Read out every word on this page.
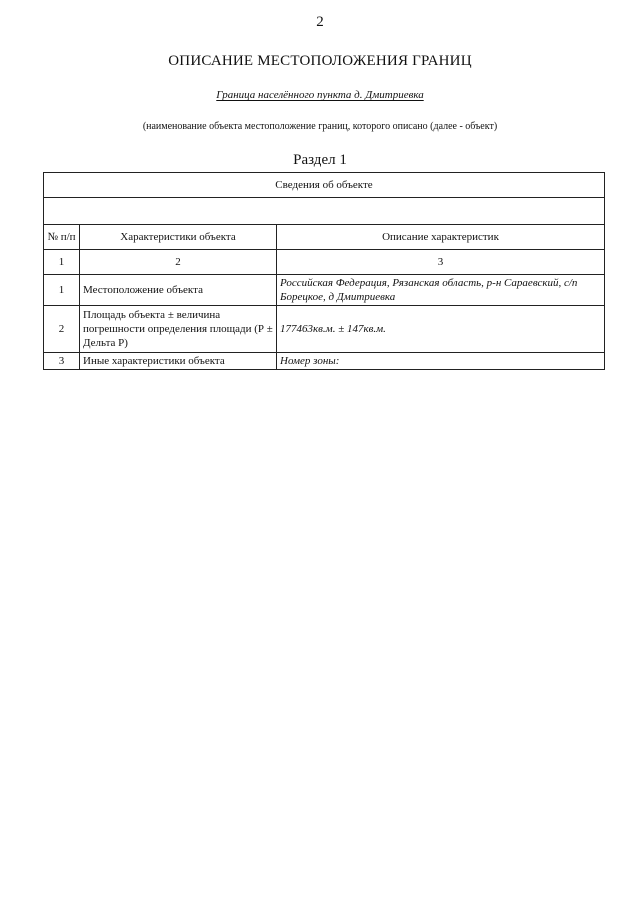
2
ОПИСАНИЕ МЕСТОПОЛОЖЕНИЯ ГРАНИЦ
Граница населённого пункта д. Дмитриевка
(наименование объекта местоположение границ, которого описано (далее - объект)
Раздел 1
Сведения об объекте		

№ п/п	Характеристики объекта	Описание характеристик
1	2	3
1	Местоположение объекта	Российская Федерация, Рязанская область, р-н Сараевский, с/п Борецкое, д Дмитриевка
2	Площадь объекта ± величина погрешности определения площади (Р ± Дельта Р)	177463кв.м. ± 147кв.м.
3	Иные характеристики объекта	Номер зоны:
